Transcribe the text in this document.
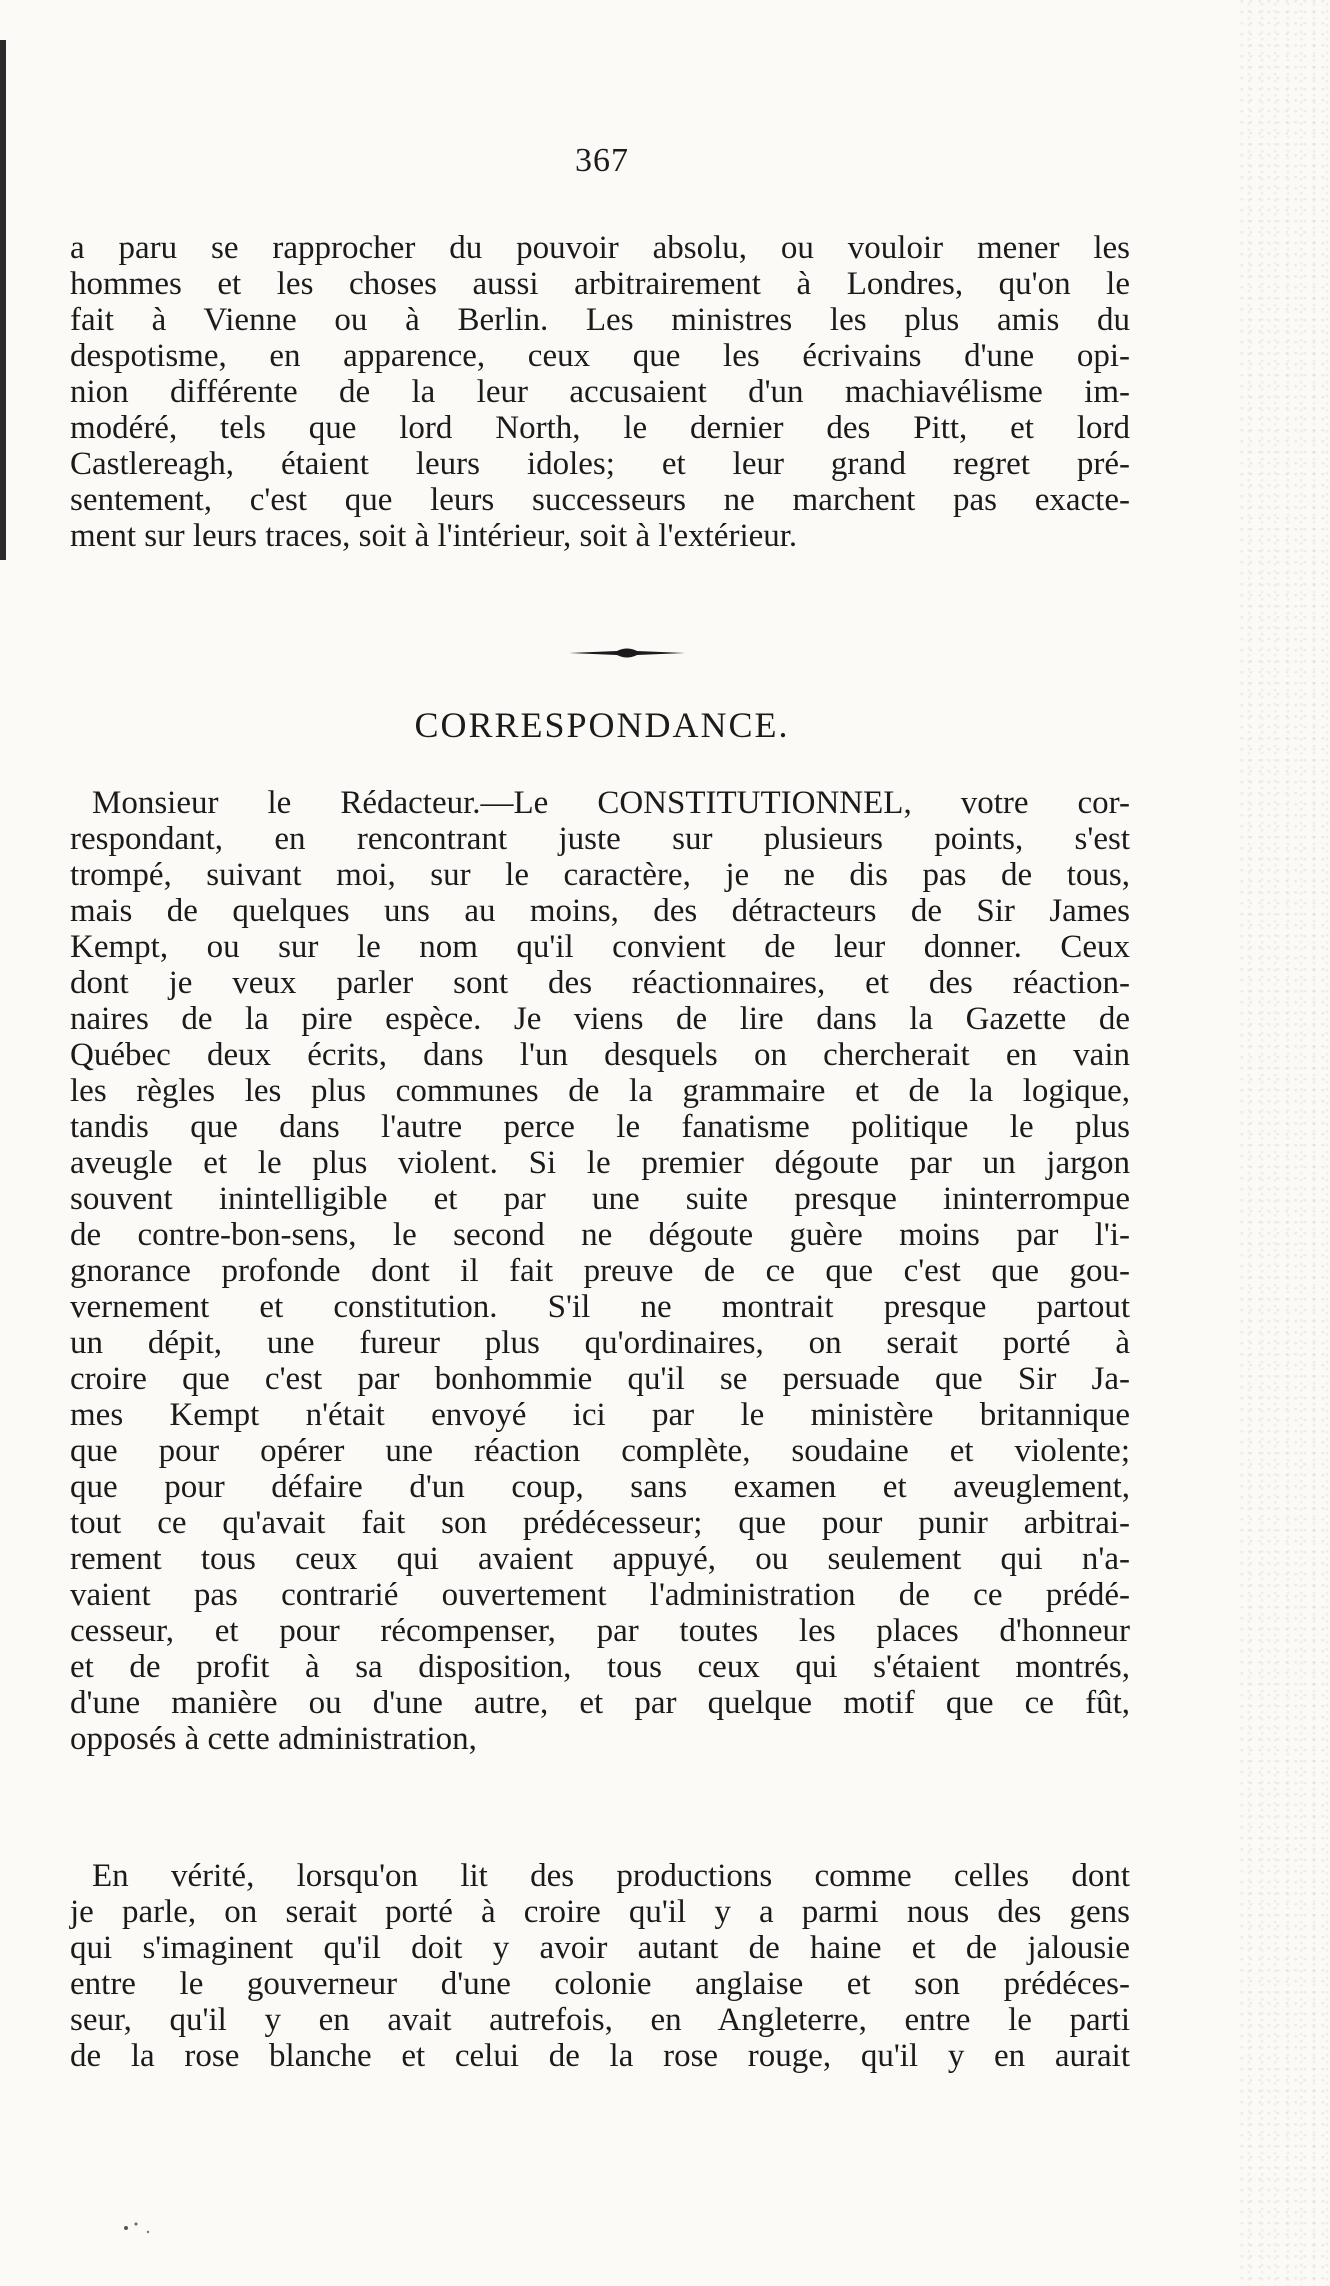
367
a paru se rapprocher du pouvoir absolu, ou vouloir mener les
hommes et les choses aussi arbitrairement à Londres, qu'on le
fait à Vienne ou à Berlin. Les ministres les plus amis du
despotisme, en apparence, ceux que les écrivains d'une opi-
nion différente de la leur accusaient d'un machiavélisme im-
modéré, tels que lord North, le dernier des Pitt, et lord
Castlereagh, étaient leurs idoles; et leur grand regret pré-
sentement, c'est que leurs successeurs ne marchent pas exacte-
ment sur leurs traces, soit à l'intérieur, soit à l'extérieur.
CORRESPONDANCE.
Monsieur le Rédacteur.—Le CONSTITUTIONNEL, votre cor-
respondant, en rencontrant juste sur plusieurs points, s'est
trompé, suivant moi, sur le caractère, je ne dis pas de tous,
mais de quelques uns au moins, des détracteurs de Sir James
Kempt, ou sur le nom qu'il convient de leur donner. Ceux
dont je veux parler sont des réactionnaires, et des réaction-
naires de la pire espèce. Je viens de lire dans la Gazette de
Québec deux écrits, dans l'un desquels on chercherait en vain
les règles les plus communes de la grammaire et de la logique,
tandis que dans l'autre perce le fanatisme politique le plus
aveugle et le plus violent. Si le premier dégoute par un jargon
souvent inintelligible et par une suite presque ininterrompue
de contre-bon-sens, le second ne dégoute guère moins par l'i-
gnorance profonde dont il fait preuve de ce que c'est que gou-
vernement et constitution. S'il ne montrait presque partout
un dépit, une fureur plus qu'ordinaires, on serait porté à
croire que c'est par bonhommie qu'il se persuade que Sir Ja-
mes Kempt n'était envoyé ici par le ministère britannique
que pour opérer une réaction complète, soudaine et violente;
que pour défaire d'un coup, sans examen et aveuglement,
tout ce qu'avait fait son prédécesseur; que pour punir arbitrai-
rement tous ceux qui avaient appuyé, ou seulement qui n'a-
vaient pas contrarié ouvertement l'administration de ce prédé-
cesseur, et pour récompenser, par toutes les places d'honneur
et de profit à sa disposition, tous ceux qui s'étaient montrés,
d'une manière ou d'une autre, et par quelque motif que ce fût,
opposés à cette administration,
En vérité, lorsqu'on lit des productions comme celles dont
je parle, on serait porté à croire qu'il y a parmi nous des gens
qui s'imaginent qu'il doit y avoir autant de haine et de jalousie
entre le gouverneur d'une colonie anglaise et son prédéces-
seur, qu'il y en avait autrefois, en Angleterre, entre le parti
de la rose blanche et celui de la rose rouge, qu'il y en aurait
